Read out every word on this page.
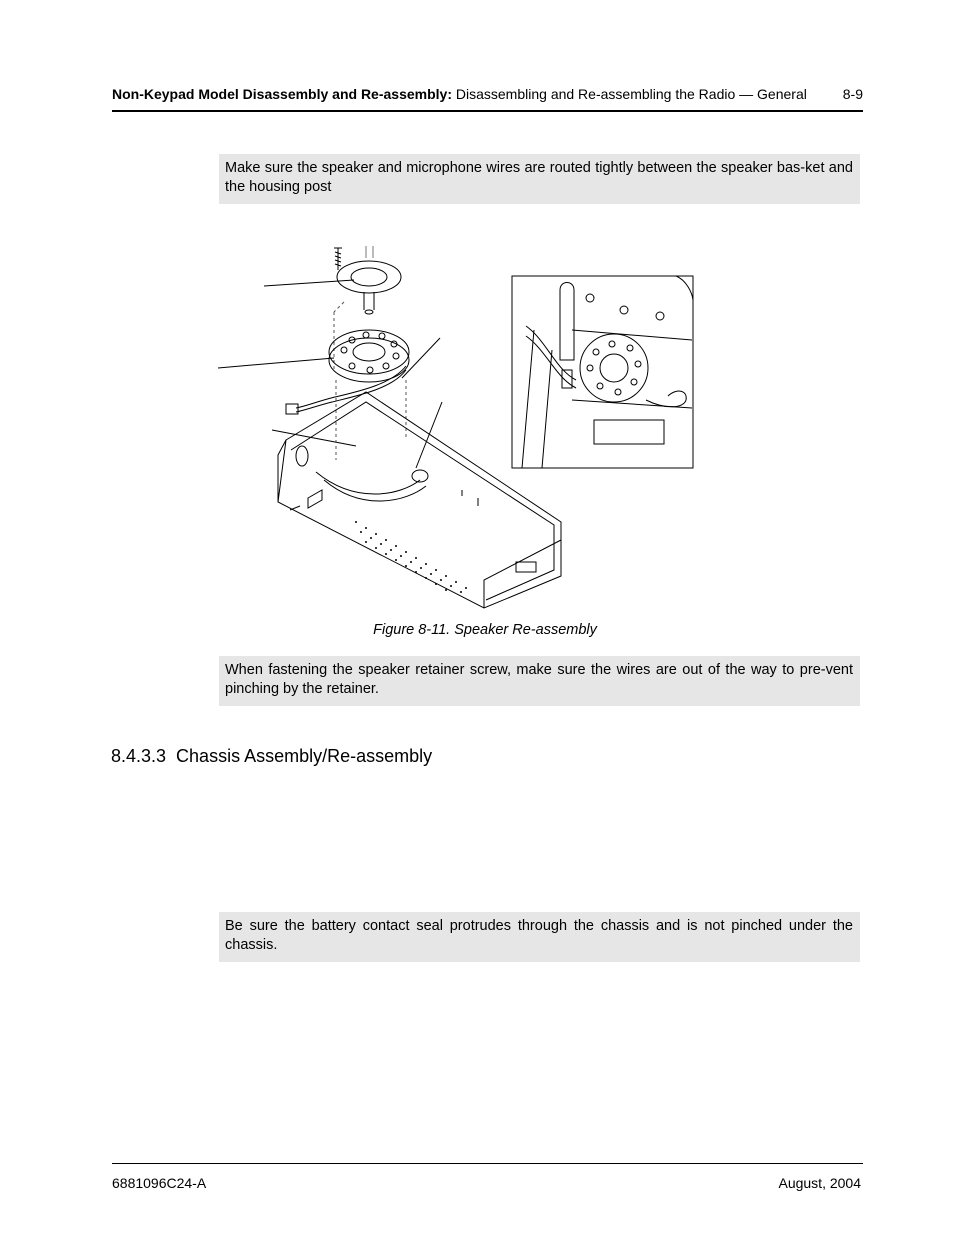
Non-Keypad Model Disassembly and Re-assembly: Disassembling and Re-assembling the Radio — General	8-9
Make sure the speaker and microphone wires are routed tightly between the speaker bas-ket and the housing post
Figure 8-11. Speaker Re-assembly
When fastening the speaker retainer screw, make sure the wires are out of the way to pre-vent pinching by the retainer.
8.4.3.3 Chassis Assembly/Re-assembly
Be sure the battery contact seal protrudes through the chassis and is not pinched under the chassis.
6881096C24-A	August, 2004
